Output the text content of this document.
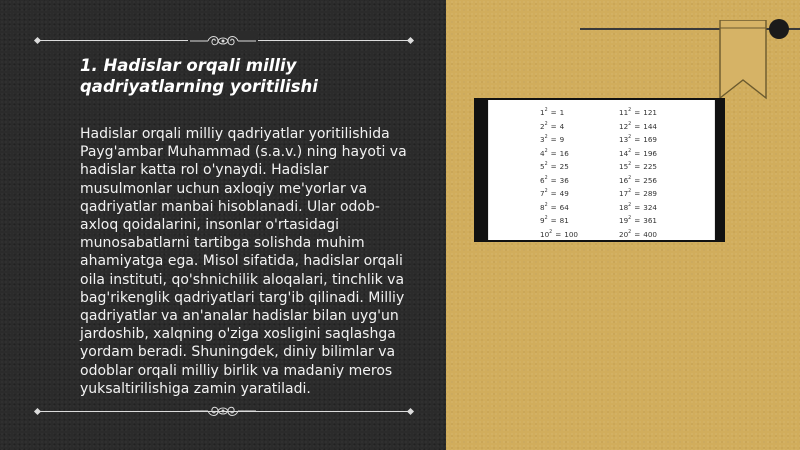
1. Hadislar orqali milliy qadriyatlarning yoritilishi

Hadislar orqali milliy qadriyatlar yoritilishida Payg'ambar Muhammad (s.a.v.) ning hayoti va hadislar katta rol o'ynaydi. Hadislar musulmonlar uchun axloqiy me'yorlar va qadriyatlar manbai hisoblanadi. Ular odob-axloq qoidalarini, insonlar o'rtasidagi munosabatlarni tartibga solishda muhim ahamiyatga ega. Misol sifatida, hadislar orqali oila instituti, qo'shnichilik aloqalari, tinchlik va bag'rikenglik qadriyatlari targ'ib qilinadi. Milliy qadriyatlar va an'analar hadislar bilan uyg'un jardoshib, xalqning o'ziga xosligini saqlashga yordam beradi. Shuningdek, diniy bilimlar va odoblar orqali milliy birlik va madaniy meros yuksaltirilishiga zamin yaratiladi.

$1^2 = 1$
$2^2 = 4$
$3^2 = 9$
$4^2 = 16$
$5^2 = 25$
$6^2 = 36$
$7^2 = 49$
$8^2 = 64$
$9^2 = 81$
$10^2 = 100$
$11^2 = 121$
$12^2 = 144$
$13^2 = 169$
$14^2 = 196$
$15^2 = 225$
$16^2 = 256$
$17^2 = 289$
$18^2 = 324$
$19^2 = 361$
$20^2 = 400$
